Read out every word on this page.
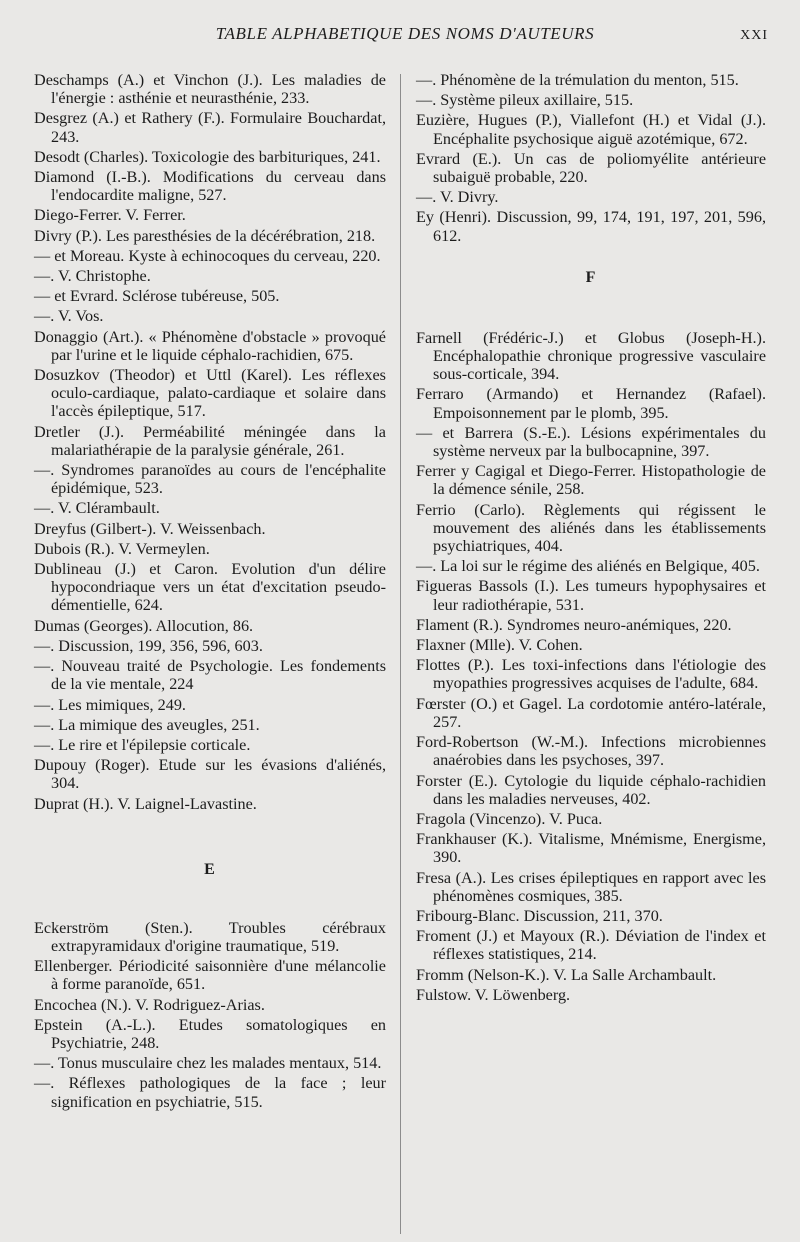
TABLE ALPHABETIQUE DES NOMS D'AUTEURS	XXI

Deschamps (A.) et Vinchon (J.). Les maladies de l'énergie : asthénie et neurasthénie, 233.

Desgrez (A.) et Rathery (F.). Formulaire Bouchardat, 243.

Desodt (Charles). Toxicologie des barbituriques, 241.

Diamond (I.-B.). Modifications du cerveau dans l'endocardite maligne, 527.

Diego-Ferrer. V. Ferrer.

Divry (P.). Les paresthésies de la décérébration, 218.

— et Moreau. Kyste à echinocoques du cerveau, 220.

—. V. Christophe.

— et Evrard. Sclérose tubéreuse, 505.

—. V. Vos.

Donaggio (Art.). « Phénomène d'obstacle » provoqué par l'urine et le liquide céphalo-rachidien, 675.

Dosuzkov (Theodor) et Uttl (Karel). Les réflexes oculo-cardiaque, palato-cardiaque et solaire dans l'accès épileptique, 517.

Dretler (J.). Perméabilité méningée dans la malariathérapie de la paralysie générale, 261.

—. Syndromes paranoïdes au cours de l'encéphalite épidémique, 523.

—. V. Clérambault.

Dreyfus (Gilbert-). V. Weissenbach.

Dubois (R.). V. Vermeylen.

Dublineau (J.) et Caron. Evolution d'un délire hypocondriaque vers un état d'excitation pseudo-démentielle, 624.

Dumas (Georges). Allocution, 86.

—. Discussion, 199, 356, 596, 603.

—. Nouveau traité de Psychologie. Les fondements de la vie mentale, 224

—. Les mimiques, 249.

—. La mimique des aveugles, 251.

—. Le rire et l'épilepsie corticale.

Dupouy (Roger). Etude sur les évasions d'aliénés, 304.

Duprat (H.). V. Laignel-Lavastine.

E

Eckerström (Sten.). Troubles cérébraux extrapyramidaux d'origine traumatique, 519.

Ellenberger. Périodicité saisonnière d'une mélancolie à forme paranoïde, 651.

Encochea (N.). V. Rodriguez-Arias.

Epstein (A.-L.). Etudes somatologiques en Psychiatrie, 248.

—. Tonus musculaire chez les malades mentaux, 514.

—. Réflexes pathologiques de la face ; leur signification en psychiatrie, 515.

—. Phénomène de la trémulation du menton, 515.

—. Système pileux axillaire, 515.

Euzière, Hugues (P.), Viallefont (H.) et Vidal (J.). Encéphalite psychosique aiguë azotémique, 672.

Evrard (E.). Un cas de poliomyélite antérieure subaiguë probable, 220.

—. V. Divry.

Ey (Henri). Discussion, 99, 174, 191, 197, 201, 596, 612.

F

Farnell (Frédéric-J.) et Globus (Joseph-H.). Encéphalopathie chronique progressive vasculaire sous-corticale, 394.

Ferraro (Armando) et Hernandez (Rafael). Empoisonnement par le plomb, 395.

— et Barrera (S.-E.). Lésions expérimentales du système nerveux par la bulbocapnine, 397.

Ferrer y Cagigal et Diego-Ferrer. Histopathologie de la démence sénile, 258.

Ferrio (Carlo). Règlements qui régissent le mouvement des aliénés dans les établissements psychiatriques, 404.

—. La loi sur le régime des aliénés en Belgique, 405.

Figueras Bassols (I.). Les tumeurs hypophysaires et leur radiothérapie, 531.

Flament (R.). Syndromes neuro-anémiques, 220.

Flaxner (Mlle). V. Cohen.

Flottes (P.). Les toxi-infections dans l'étiologie des myopathies progressives acquises de l'adulte, 684.

Fœrster (O.) et Gagel. La cordotomie antéro-latérale, 257.

Ford-Robertson (W.-M.). Infections microbiennes anaérobies dans les psychoses, 397.

Forster (E.). Cytologie du liquide céphalo-rachidien dans les maladies nerveuses, 402.

Fragola (Vincenzo). V. Puca.

Frankhauser (K.). Vitalisme, Mnémisme, Energisme, 390.

Fresa (A.). Les crises épileptiques en rapport avec les phénomènes cosmiques, 385.

Fribourg-Blanc. Discussion, 211, 370.

Froment (J.) et Mayoux (R.). Déviation de l'index et réflexes statistiques, 214.

Fromm (Nelson-K.). V. La Salle Archambault.

Fulstow. V. Löwenberg.
